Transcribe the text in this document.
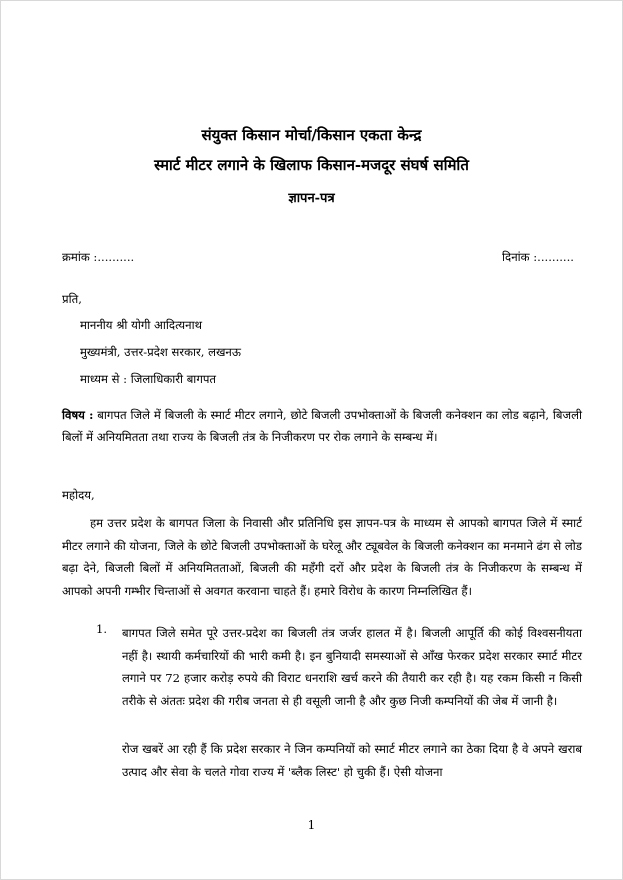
संयुक्त किसान मोर्चा/किसान एकता केन्द्र
स्मार्ट मीटर लगाने के खिलाफ किसान-मजदूर संघर्ष समिति
ज्ञापन-पत्र
क्रमांक :..........	दिनांक :..........
प्रति,
माननीय श्री योगी आदित्यनाथ
मुख्यमंत्री, उत्तर-प्रदेश सरकार, लखनऊ
माध्यम से : जिलाधिकारी बागपत
विषय : बागपत जिले में बिजली के स्मार्ट मीटर लगाने, छोटे बिजली उपभोक्ताओं के बिजली कनेक्शन का लोड बढ़ाने, बिजली बिलों में अनियमितता तथा राज्य के बिजली तंत्र के निजीकरण पर रोक लगाने के सम्बन्ध में।
महोदय,
हम उत्तर प्रदेश के बागपत जिला के निवासी और प्रतिनिधि इस ज्ञापन-पत्र के माध्यम से आपको बागपत जिले में स्मार्ट मीटर लगाने की योजना, जिले के छोटे बिजली उपभोक्ताओं के घरेलू और ट्यूबवेल के बिजली कनेक्शन का मनमाने ढंग से लोड बढ़ा देने, बिजली बिलों में अनियमितताओं, बिजली की महँगी दरों और प्रदेश के बिजली तंत्र के निजीकरण के सम्बन्ध में आपको अपनी गम्भीर चिन्ताओं से अवगत करवाना चाहते हैं। हमारे विरोध के कारण निम्नलिखित हैं।
1. बागपत जिले समेत पूरे उत्तर-प्रदेश का बिजली तंत्र जर्जर हालत में है। बिजली आपूर्ति की कोई विश्वसनीयता नहीं है। स्थायी कर्मचारियों की भारी कमी है। इन बुनियादी समस्याओं से आँख फेरकर प्रदेश सरकार स्मार्ट मीटर लगाने पर 72 हजार करोड़ रुपये की विराट धनराशि खर्च करने की तैयारी कर रही है। यह रकम किसी न किसी तरीके से अंततः प्रदेश की गरीब जनता से ही वसूली जानी है और कुछ निजी कम्पनियों की जेब में जानी है।
रोज खबरें आ रही हैं कि प्रदेश सरकार ने जिन कम्पनियों को स्मार्ट मीटर लगाने का ठेका दिया है वे अपने खराब उत्पाद और सेवा के चलते गोवा राज्य में 'ब्लैक लिस्ट' हो चुकी हैं। ऐसी योजना
1
